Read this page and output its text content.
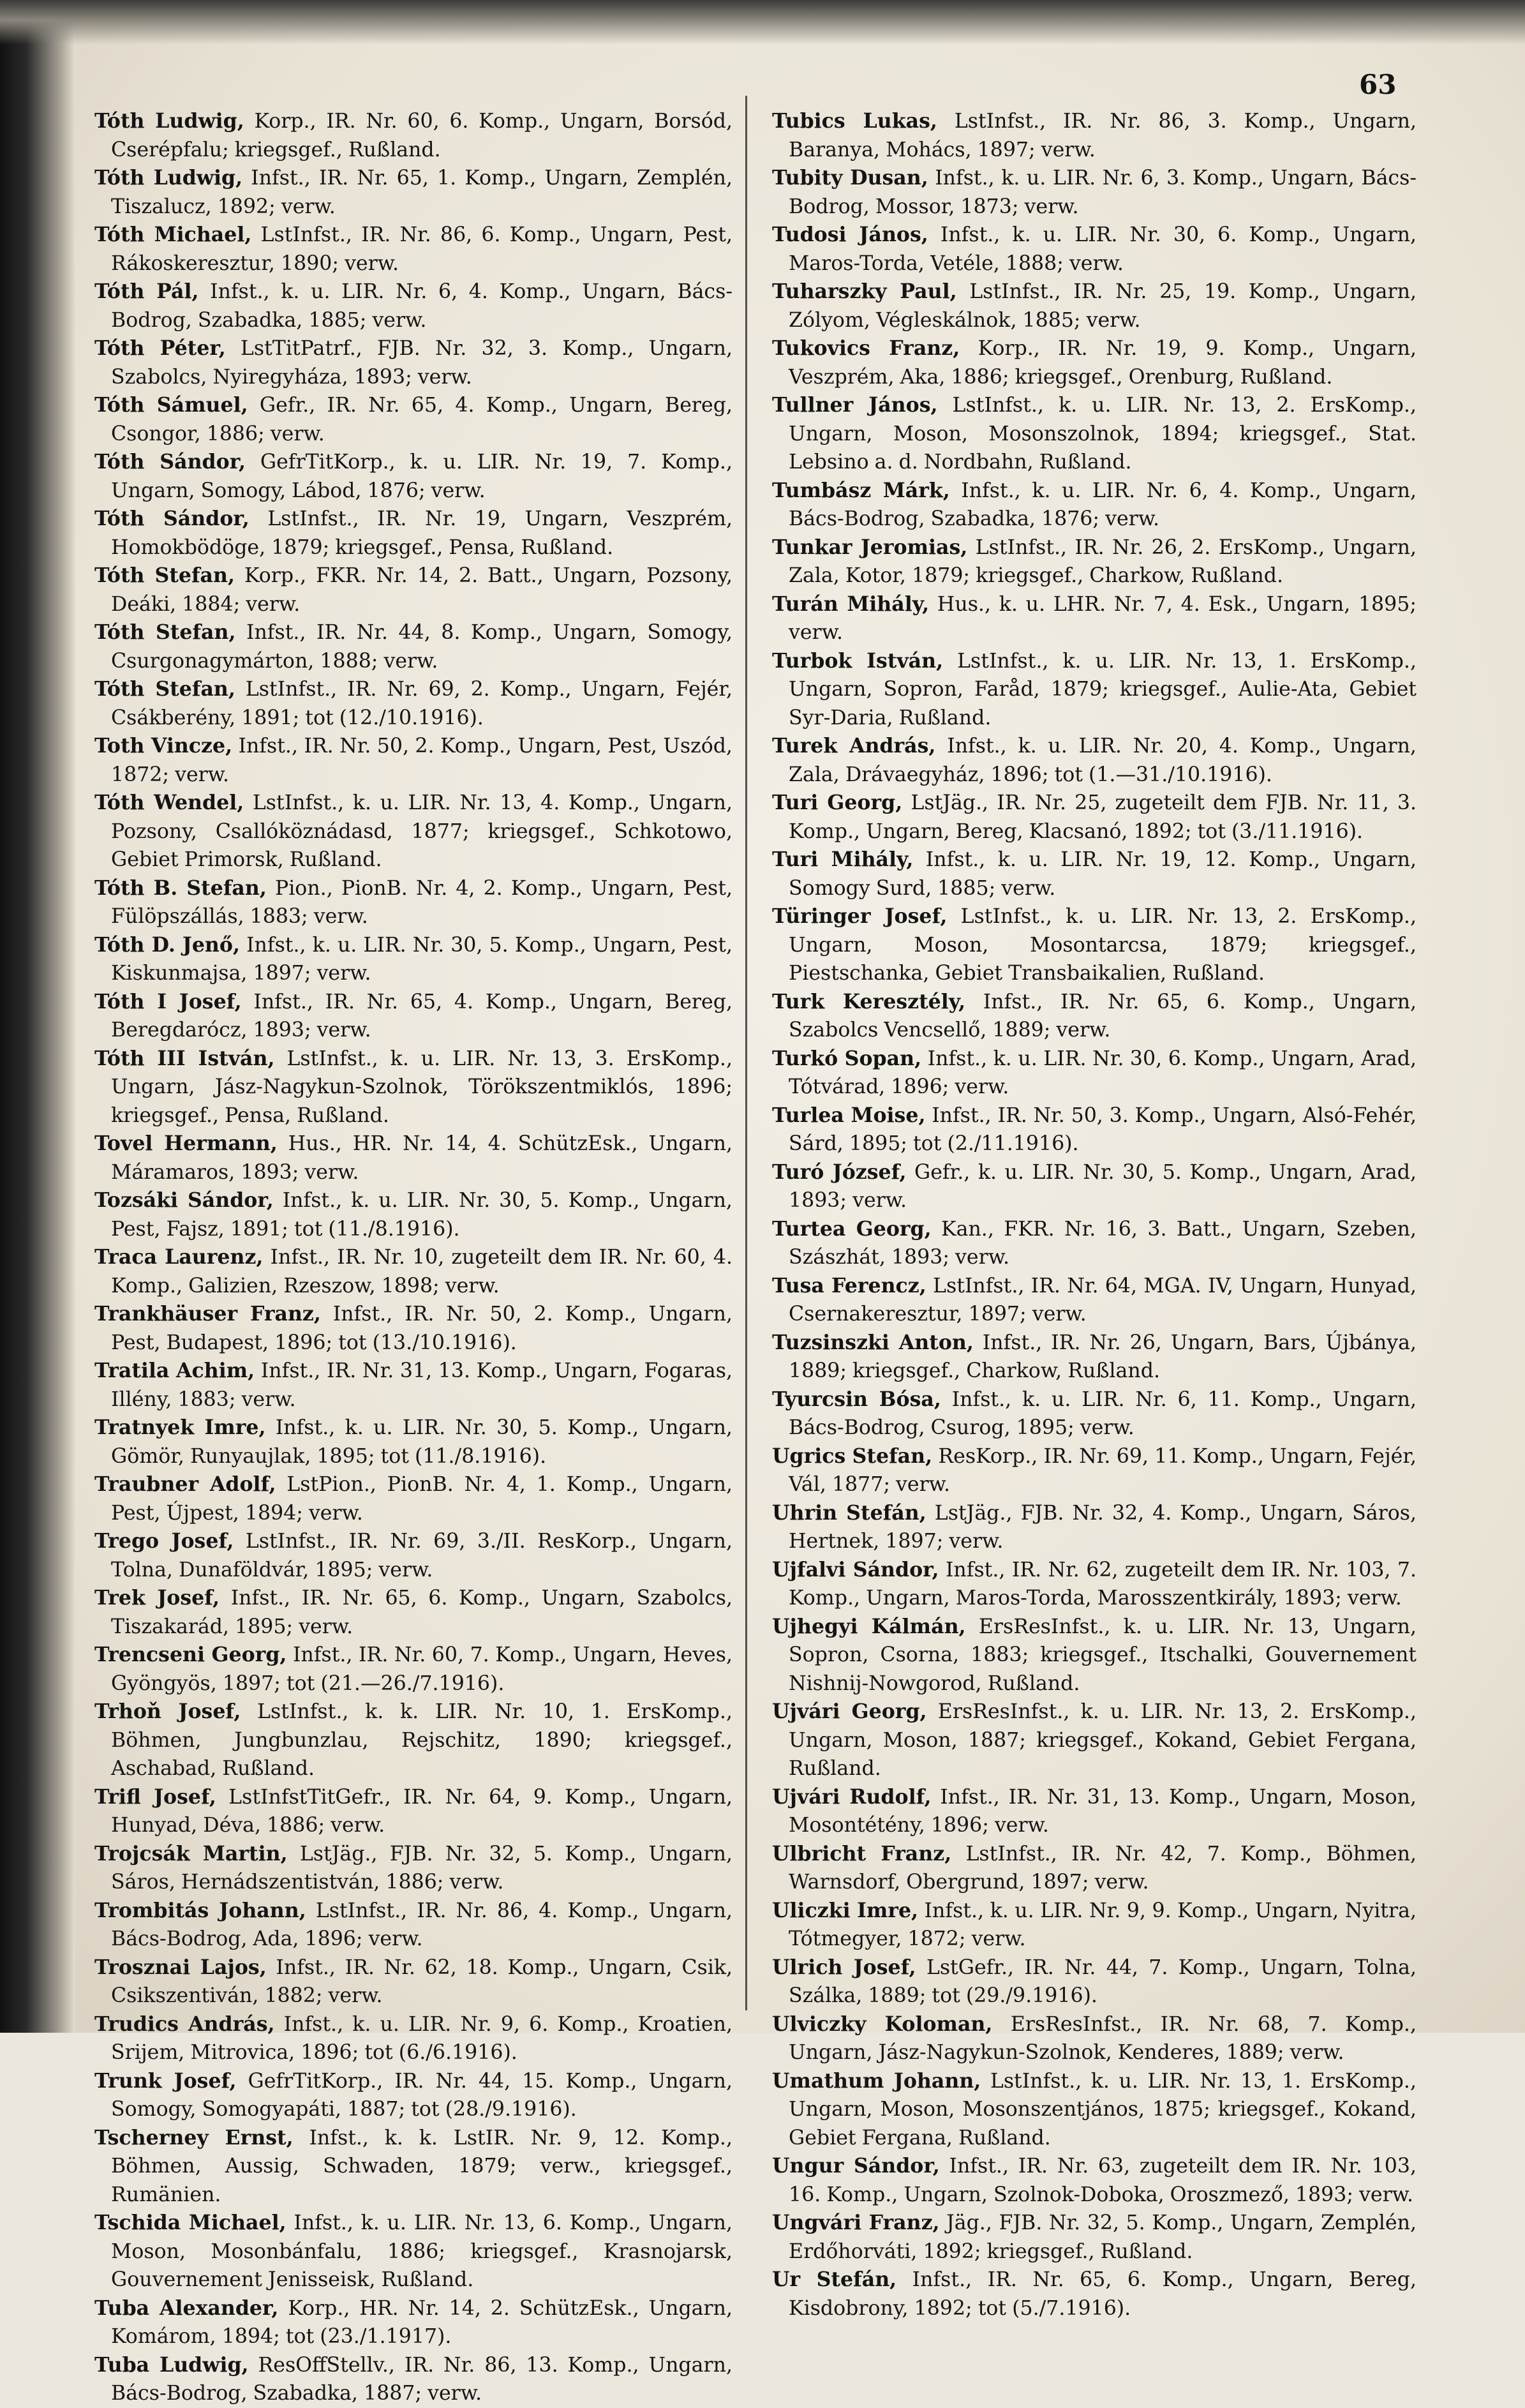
63

Tóth Ludwig, Korp., IR. Nr. 60, 6. Komp., Ungarn, Borsód, Cserépfalu; kriegsgef., Rußland.

Tóth Ludwig, Infst., IR. Nr. 65, 1. Komp., Ungarn, Zemplén, Tiszalucz, 1892; verw.

Tóth Michael, LstInfst., IR. Nr. 86, 6. Komp., Ungarn, Pest, Rákoskeresztur, 1890; verw.

Tóth Pál, Infst., k. u. LIR. Nr. 6, 4. Komp., Ungarn, Bács-Bodrog, Szabadka, 1885; verw.

Tóth Péter, LstTitPatrf., FJB. Nr. 32, 3. Komp., Ungarn, Szabolcs, Nyiregyháza, 1893; verw.

Tóth Sámuel, Gefr., IR. Nr. 65, 4. Komp., Ungarn, Bereg, Csongor, 1886; verw.

Tóth Sándor, GefrTitKorp., k. u. LIR. Nr. 19, 7. Komp., Ungarn, Somogy, Lábod, 1876; verw.

Tóth Sándor, LstInfst., IR. Nr. 19, Ungarn, Veszprém, Homokbödöge, 1879; kriegsgef., Pensa, Rußland.

Tóth Stefan, Korp., FKR. Nr. 14, 2. Batt., Ungarn, Pozsony, Deáki, 1884; verw.

Tóth Stefan, Infst., IR. Nr. 44, 8. Komp., Ungarn, Somogy, Csurgonagymárton, 1888; verw.

Tóth Stefan, LstInfst., IR. Nr. 69, 2. Komp., Ungarn, Fejér, Csákberény, 1891; tot (12./10.1916).

Toth Vincze, Infst., IR. Nr. 50, 2. Komp., Ungarn, Pest, Uszód, 1872; verw.

Tóth Wendel, LstInfst., k. u. LIR. Nr. 13, 4. Komp., Ungarn, Pozsony, Csallóköznádasd, 1877; kriegsgef., Schkotowo, Gebiet Primorsk, Rußland.

Tóth B. Stefan, Pion., PionB. Nr. 4, 2. Komp., Ungarn, Pest, Fülöpszállás, 1883; verw.

Tóth D. Jenő, Infst., k. u. LIR. Nr. 30, 5. Komp., Ungarn, Pest, Kiskunmajsa, 1897; verw.

Tóth I Josef, Infst., IR. Nr. 65, 4. Komp., Ungarn, Bereg, Beregdarócz, 1893; verw.

Tóth III István, LstInfst., k. u. LIR. Nr. 13, 3. ErsKomp., Ungarn, Jász-Nagykun-Szolnok, Törökszentmiklós, 1896; kriegsgef., Pensa, Rußland.

Tovel Hermann, Hus., HR. Nr. 14, 4. SchützEsk., Ungarn, Máramaros, 1893; verw.

Tozsáki Sándor, Infst., k. u. LIR. Nr. 30, 5. Komp., Ungarn, Pest, Fajsz, 1891; tot (11./8.1916).

Traca Laurenz, Infst., IR. Nr. 10, zugeteilt dem IR. Nr. 60, 4. Komp., Galizien, Rzeszow, 1898; verw.

Trankhäuser Franz, Infst., IR. Nr. 50, 2. Komp., Ungarn, Pest, Budapest, 1896; tot (13./10.1916).

Tratila Achim, Infst., IR. Nr. 31, 13. Komp., Ungarn, Fogaras, Illény, 1883; verw.

Tratnyek Imre, Infst., k. u. LIR. Nr. 30, 5. Komp., Ungarn, Gömör, Runyaujlak, 1895; tot (11./8.1916).

Traubner Adolf, LstPion., PionB. Nr. 4, 1. Komp., Ungarn, Pest, Újpest, 1894; verw.

Trego Josef, LstInfst., IR. Nr. 69, 3./II. ResKorp., Ungarn, Tolna, Dunaföldvár, 1895; verw.

Trek Josef, Infst., IR. Nr. 65, 6. Komp., Ungarn, Szabolcs, Tiszakarád, 1895; verw.

Trencseni Georg, Infst., IR. Nr. 60, 7. Komp., Ungarn, Heves, Gyöngyös, 1897; tot (21.—26./7.1916).

Trhoň Josef, LstInfst., k. k. LIR. Nr. 10, 1. ErsKomp., Böhmen, Jungbunzlau, Rejschitz, 1890; kriegsgef., Aschabad, Rußland.

Trifl Josef, LstInfstTitGefr., IR. Nr. 64, 9. Komp., Ungarn, Hunyad, Déva, 1886; verw.

Trojcsák Martin, LstJäg., FJB. Nr. 32, 5. Komp., Ungarn, Sáros, Hernádszentistván, 1886; verw.

Trombitás Johann, LstInfst., IR. Nr. 86, 4. Komp., Ungarn, Bács-Bodrog, Ada, 1896; verw.

Trosznai Lajos, Infst., IR. Nr. 62, 18. Komp., Ungarn, Csik, Csikszentiván, 1882; verw.

Trudics András, Infst., k. u. LIR. Nr. 9, 6. Komp., Kroatien, Srijem, Mitrovica, 1896; tot (6./6.1916).

Trunk Josef, GefrTitKorp., IR. Nr. 44, 15. Komp., Ungarn, Somogy, Somogyapáti, 1887; tot (28./9.1916).

Tscherney Ernst, Infst., k. k. LstIR. Nr. 9, 12. Komp., Böhmen, Aussig, Schwaden, 1879; verw., kriegsgef., Rumänien.

Tschida Michael, Infst., k. u. LIR. Nr. 13, 6. Komp., Ungarn, Moson, Mosonbánfalu, 1886; kriegsgef., Krasnojarsk, Gouvernement Jenisseisk, Rußland.

Tuba Alexander, Korp., HR. Nr. 14, 2. SchützEsk., Ungarn, Komárom, 1894; tot (23./1.1917).

Tuba Ludwig, ResOffStellv., IR. Nr. 86, 13. Komp., Ungarn, Bács-Bodrog, Szabadka, 1887; verw.

Tubics Lukas, LstInfst., IR. Nr. 86, 3. Komp., Ungarn, Baranya, Mohács, 1897; verw.

Tubity Dusan, Infst., k. u. LIR. Nr. 6, 3. Komp., Ungarn, Bács-Bodrog, Mossor, 1873; verw.

Tudosi János, Infst., k. u. LIR. Nr. 30, 6. Komp., Ungarn, Maros-Torda, Vetéle, 1888; verw.

Tuharszky Paul, LstInfst., IR. Nr. 25, 19. Komp., Ungarn, Zólyom, Végleskálnok, 1885; verw.

Tukovics Franz, Korp., IR. Nr. 19, 9. Komp., Ungarn, Veszprém, Aka, 1886; kriegsgef., Orenburg, Rußland.

Tullner János, LstInfst., k. u. LIR. Nr. 13, 2. ErsKomp., Ungarn, Moson, Mosonszolnok, 1894; kriegsgef., Stat. Lebsino a. d. Nordbahn, Rußland.

Tumbász Márk, Infst., k. u. LIR. Nr. 6, 4. Komp., Ungarn, Bács-Bodrog, Szabadka, 1876; verw.

Tunkar Jeromias, LstInfst., IR. Nr. 26, 2. ErsKomp., Ungarn, Zala, Kotor, 1879; kriegsgef., Charkow, Rußland.

Turán Mihály, Hus., k. u. LHR. Nr. 7, 4. Esk., Ungarn, 1895; verw.

Turbok István, LstInfst., k. u. LIR. Nr. 13, 1. ErsKomp., Ungarn, Sopron, Faråd, 1879; kriegsgef., Aulie-Ata, Gebiet Syr-Daria, Rußland.

Turek András, Infst., k. u. LIR. Nr. 20, 4. Komp., Ungarn, Zala, Drávaegyház, 1896; tot (1.—31./10.1916).

Turi Georg, LstJäg., IR. Nr. 25, zugeteilt dem FJB. Nr. 11, 3. Komp., Ungarn, Bereg, Klacsanó, 1892; tot (3./11.1916).

Turi Mihály, Infst., k. u. LIR. Nr. 19, 12. Komp., Ungarn, Somogy Surd, 1885; verw.

Türinger Josef, LstInfst., k. u. LIR. Nr. 13, 2. ErsKomp., Ungarn, Moson, Mosontarcsa, 1879; kriegsgef., Piestschanka, Gebiet Transbaikalien, Rußland.

Turk Keresztély, Infst., IR. Nr. 65, 6. Komp., Ungarn, Szabolcs Vencsellő, 1889; verw.

Turkó Sopan, Infst., k. u. LIR. Nr. 30, 6. Komp., Ungarn, Arad, Tótvárad, 1896; verw.

Turlea Moise, Infst., IR. Nr. 50, 3. Komp., Ungarn, Alsó-Fehér, Sárd, 1895; tot (2./11.1916).

Turó József, Gefr., k. u. LIR. Nr. 30, 5. Komp., Ungarn, Arad, 1893; verw.

Turtea Georg, Kan., FKR. Nr. 16, 3. Batt., Ungarn, Szeben, Szászhát, 1893; verw.

Tusa Ferencz, LstInfst., IR. Nr. 64, MGA. IV, Ungarn, Hunyad, Csernakeresztur, 1897; verw.

Tuzsinszki Anton, Infst., IR. Nr. 26, Ungarn, Bars, Újbánya, 1889; kriegsgef., Charkow, Rußland.

Tyurcsin Bósa, Infst., k. u. LIR. Nr. 6, 11. Komp., Ungarn, Bács-Bodrog, Csurog, 1895; verw.

Ugrics Stefan, ResKorp., IR. Nr. 69, 11. Komp., Ungarn, Fejér, Vál, 1877; verw.

Uhrin Stefán, LstJäg., FJB. Nr. 32, 4. Komp., Ungarn, Sáros, Hertnek, 1897; verw.

Ujfalvi Sándor, Infst., IR. Nr. 62, zugeteilt dem IR. Nr. 103, 7. Komp., Ungarn, Maros-Torda, Marosszentkirály, 1893; verw.

Ujhegyi Kálmán, ErsResInfst., k. u. LIR. Nr. 13, Ungarn, Sopron, Csorna, 1883; kriegsgef., Itschalki, Gouvernement Nishnij-Nowgorod, Rußland.

Ujvári Georg, ErsResInfst., k. u. LIR. Nr. 13, 2. ErsKomp., Ungarn, Moson, 1887; kriegsgef., Kokand, Gebiet Fergana, Rußland.

Ujvári Rudolf, Infst., IR. Nr. 31, 13. Komp., Ungarn, Moson, Mosontétény, 1896; verw.

Ulbricht Franz, LstInfst., IR. Nr. 42, 7. Komp., Böhmen, Warnsdorf, Obergrund, 1897; verw.

Uliczki Imre, Infst., k. u. LIR. Nr. 9, 9. Komp., Ungarn, Nyitra, Tótmegyer, 1872; verw.

Ulrich Josef, LstGefr., IR. Nr. 44, 7. Komp., Ungarn, Tolna, Szálka, 1889; tot (29./9.1916).

Ulviczky Koloman, ErsResInfst., IR. Nr. 68, 7. Komp., Ungarn, Jász-Nagykun-Szolnok, Kenderes, 1889; verw.

Umathum Johann, LstInfst., k. u. LIR. Nr. 13, 1. ErsKomp., Ungarn, Moson, Mosonszentjános, 1875; kriegsgef., Kokand, Gebiet Fergana, Rußland.

Ungur Sándor, Infst., IR. Nr. 63, zugeteilt dem IR. Nr. 103, 16. Komp., Ungarn, Szolnok-Doboka, Oroszmező, 1893; verw.

Ungvári Franz, Jäg., FJB. Nr. 32, 5. Komp., Ungarn, Zemplén, Erdőhorváti, 1892; kriegsgef., Rußland.

Ur Stefán, Infst., IR. Nr. 65, 6. Komp., Ungarn, Bereg, Kisdobrony, 1892; tot (5./7.1916).
